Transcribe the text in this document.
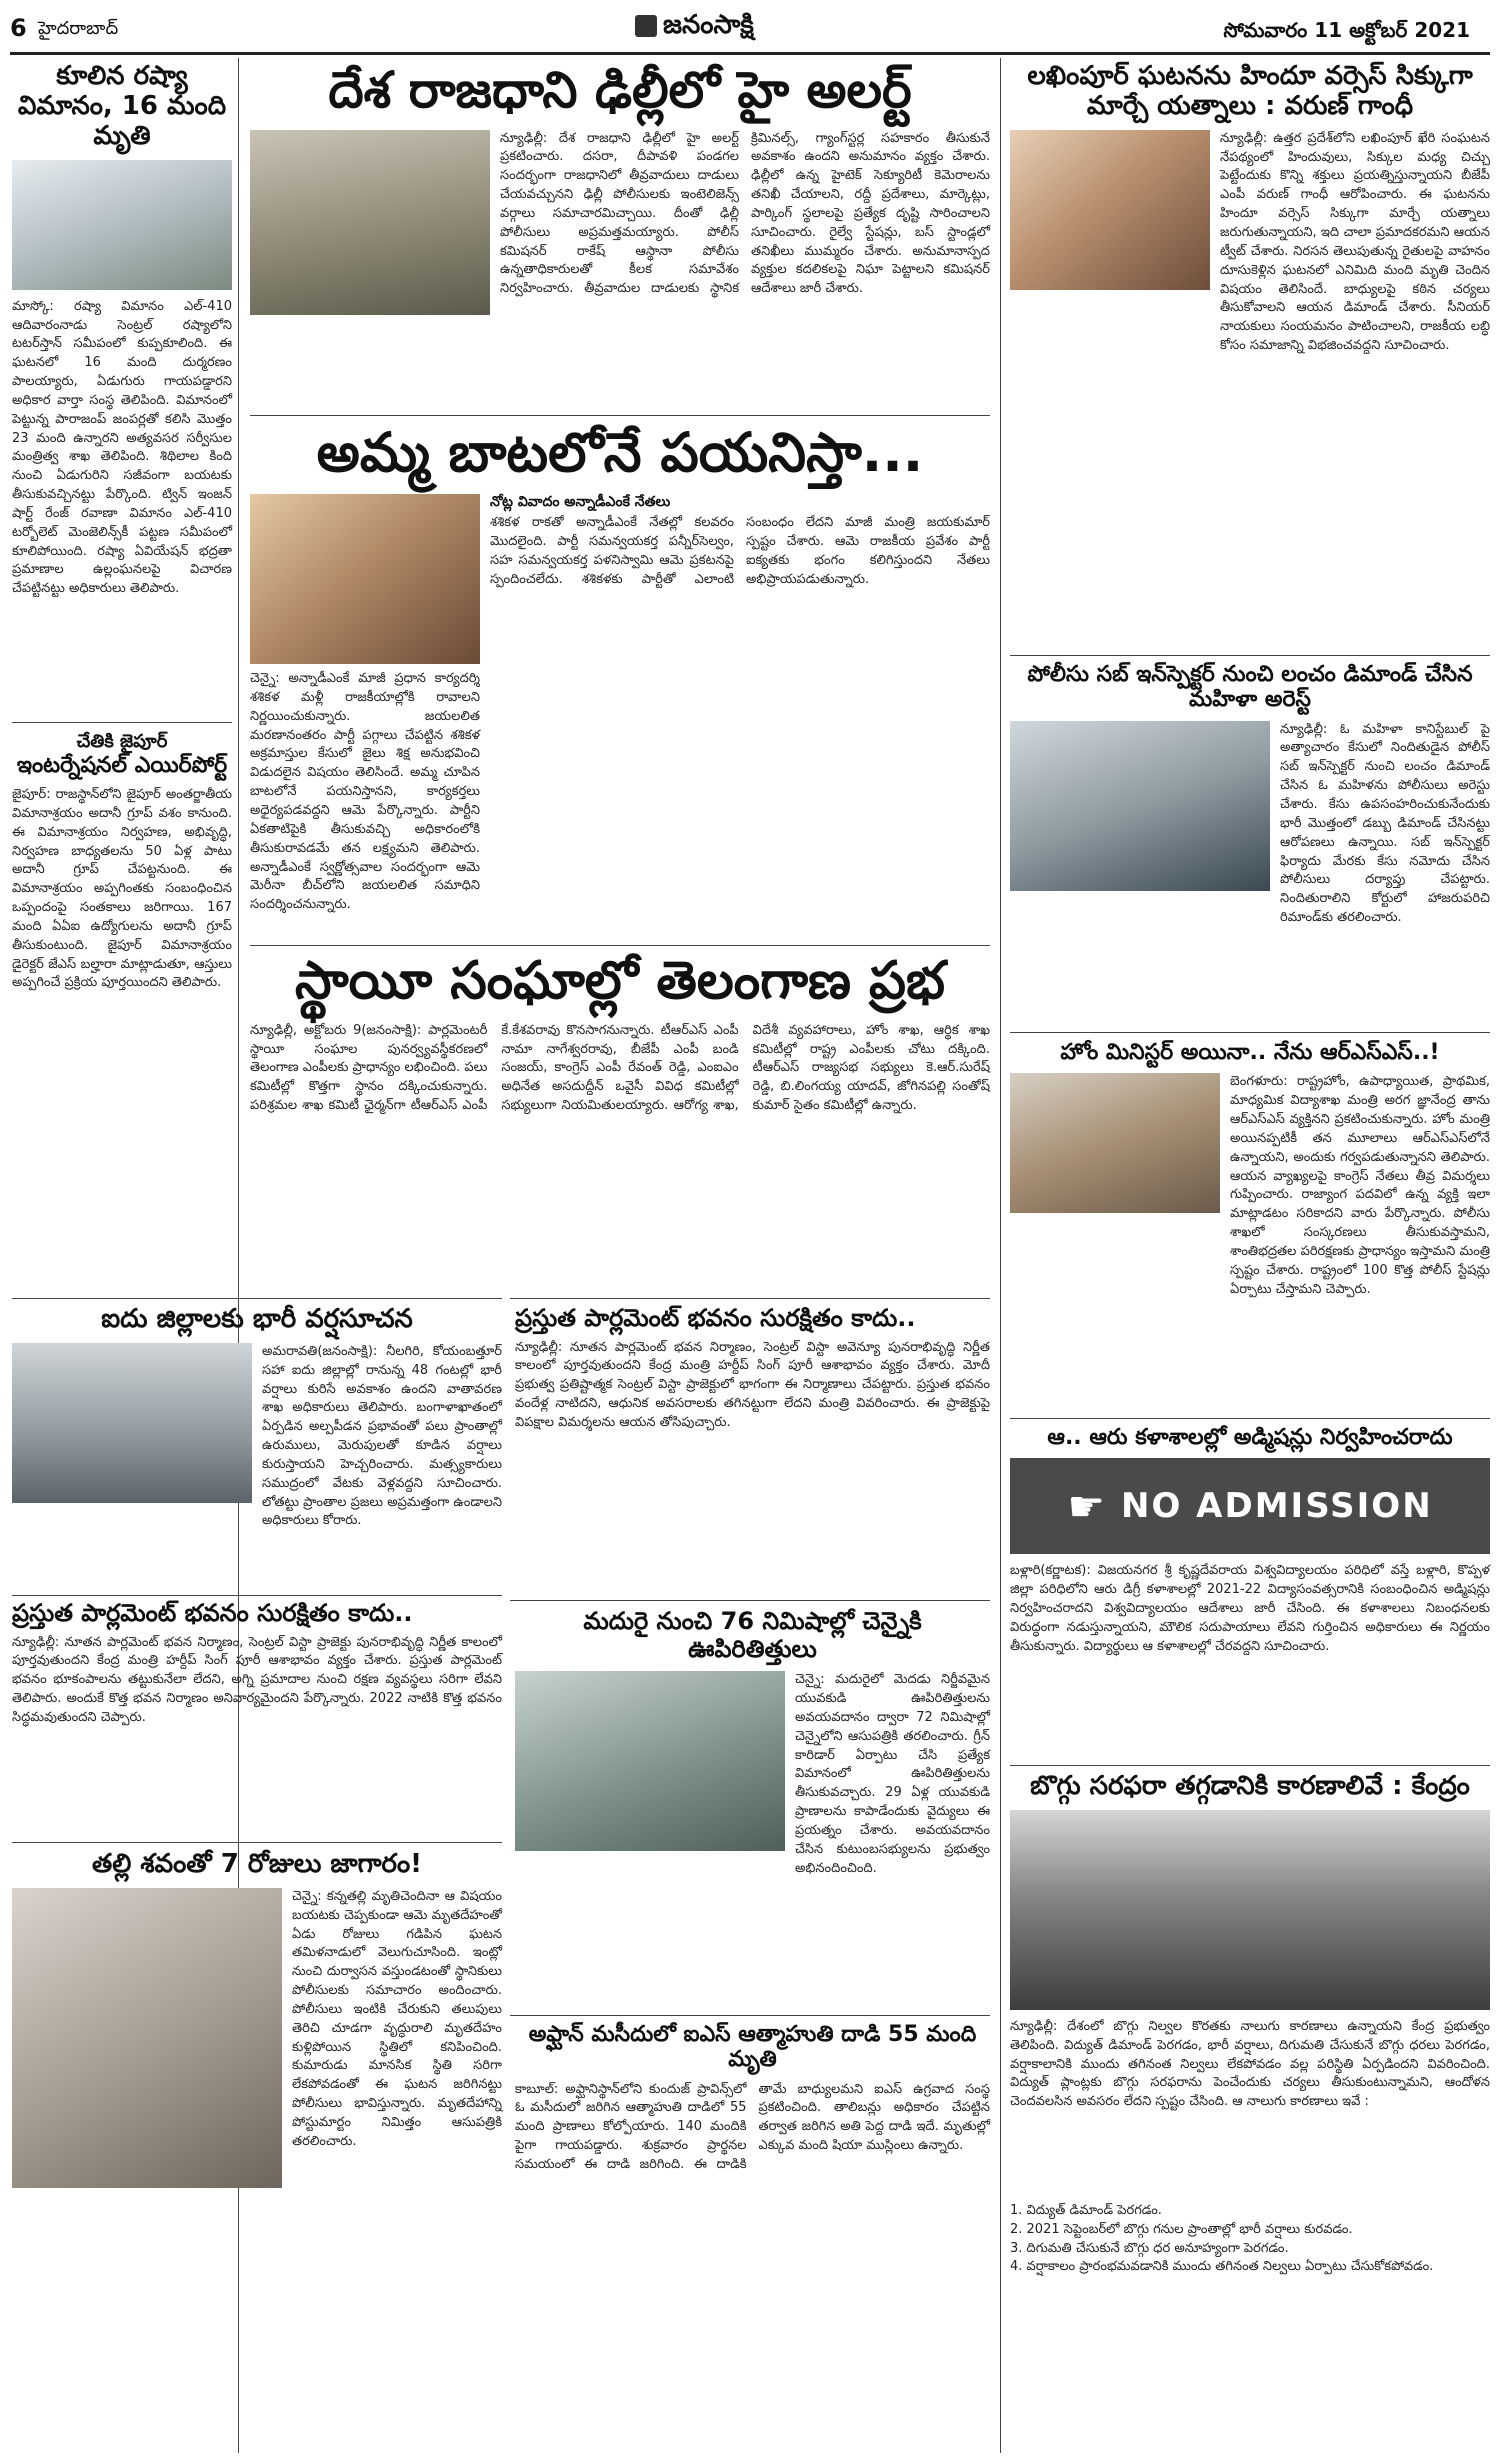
6 హైదరాబాద్	జనంసాక్షి	సోమవారం 11 అక్టోబర్ 2021
కూలిన రష్యా విమానం, 16 మంది మృతి
మాస్కో: రష్యా విమానం ఎల్‌-410 ఆదివారంనాడు సెంట్రల్ రష్యాలోని టటర్‌స్తాన్ సమీపంలో కుప్పకూలింది. ఈ ఘటనలో 16 మంది దుర్మరణం పాలయ్యారు, ఏడుగురు గాయపడ్డారని అధికార వార్తా సంస్థ తెలిపింది. విమానంలో పెట్టున్న పారాజంప్ జంపర్లతో కలిసి మొత్తం 23 మంది ఉన్నారని అత్యవసర సర్వీసుల మంత్రిత్వ శాఖ తెలిపింది. శిథిలాల కింది నుంచి ఏడుగురిని సజీవంగా బయటకు తీసుకువచ్చినట్టు పేర్కొంది. ట్విన్ ఇంజన్ షార్ట్ రేంజ్ రవాణా విమానం ఎల్‌-410 టర్బోలెట్ మెంజెలిన్స్‌కీ పట్టణ సమీపంలో కూలిపోయింది. రష్యా ఏవియేషన్ భద్రతా ప్రమాణాల ఉల్లంఘనలపై విచారణ చేపట్టినట్టు అధికారులు తెలిపారు.
చేతికి జైపూర్
ఇంటర్నేషనల్ ఎయిర్‌పోర్ట్
జైపూర్: రాజస్థాన్‌లోని జైపూర్ అంతర్జాతీయ విమానాశ్రయం అదానీ గ్రూప్ వశం కానుంది. ఈ విమానాశ్రయం నిర్వహణ, అభివృద్ధి, నిర్వహణ బాధ్యతలను 50 ఏళ్ల పాటు అదానీ గ్రూప్ చేపట్టనుంది. ఈ విమానాశ్రయం అప్పగింతకు సంబంధించిన ఒప్పందంపై సంతకాలు జరిగాయి. 167 మంది ఏఏఐ ఉద్యోగులను అదానీ గ్రూప్ తీసుకుంటుంది. జైపూర్ విమానాశ్రయం డైరెక్టర్ జేఎస్ బల్హారా మాట్లాడుతూ, ఆస్తులు అప్పగించే ప్రక్రియ పూర్తయిందని తెలిపారు.
ఐదు జిల్లాలకు భారీ వర్షసూచన
అమరావతి(జనంసాక్షి): నీలగిరి, కోయంబత్తూర్ సహా ఐదు జిల్లాల్లో రానున్న 48 గంటల్లో భారీ వర్షాలు కురిసే అవకాశం ఉందని వాతావరణ శాఖ అధికారులు తెలిపారు. బంగాళాఖాతంలో ఏర్పడిన అల్పపీడన ప్రభావంతో పలు ప్రాంతాల్లో ఉరుములు, మెరుపులతో కూడిన వర్షాలు కురుస్తాయని హెచ్చరించారు. మత్స్యకారులు సముద్రంలో వేటకు వెళ్లవద్దని సూచించారు. లోతట్టు ప్రాంతాల ప్రజలు అప్రమత్తంగా ఉండాలని అధికారులు కోరారు.
ప్రస్తుత పార్లమెంట్ భవనం సురక్షితం కాదు..
న్యూఢిల్లీ: నూతన పార్లమెంట్ భవన నిర్మాణం, సెంట్రల్ విస్టా ప్రాజెక్టు పునరాభివృద్ధి నిర్ణీత కాలంలో పూర్తవుతుందని కేంద్ర మంత్రి హర్దీప్ సింగ్ పూరీ ఆశాభావం వ్యక్తం చేశారు. ప్రస్తుత పార్లమెంట్ భవనం భూకంపాలను తట్టుకునేలా లేదని, అగ్ని ప్రమాదాల నుంచి రక్షణ వ్యవస్థలు సరిగా లేవని తెలిపారు. అందుకే కొత్త భవన నిర్మాణం అనివార్యమైందని పేర్కొన్నారు. 2022 నాటికి కొత్త భవనం సిద్ధమవుతుందని చెప్పారు.
తల్లి శవంతో 7 రోజులు జాగారం!
చెన్నై: కన్నతల్లి మృతిచెందినా ఆ విషయం బయటకు చెప్పకుండా ఆమె మృతదేహంతో ఏడు రోజులు గడిపిన ఘటన తమిళనాడులో వెలుగుచూసింది. ఇంట్లో నుంచి దుర్వాసన వస్తుండటంతో స్థానికులు పోలీసులకు సమాచారం అందించారు. పోలీసులు ఇంటికి చేరుకుని తలుపులు తెరిచి చూడగా వృద్ధురాలి మృతదేహం కుళ్లిపోయిన స్థితిలో కనిపించింది. కుమారుడు మానసిక స్థితి సరిగా లేకపోవడంతో ఈ ఘటన జరిగినట్టు పోలీసులు భావిస్తున్నారు. మృతదేహాన్ని పోస్టుమార్టం నిమిత్తం ఆసుపత్రికి తరలించారు.
దేశ రాజధాని ఢిల్లీలో హై అలర్ట్
న్యూఢిల్లీ: దేశ రాజధాని ఢిల్లీలో హై అలర్ట్ ప్రకటించారు. దసరా, దీపావళి పండగల సందర్భంగా రాజధానిలో తీవ్రవాదులు దాడులు చేయవచ్చునని ఢిల్లీ పోలీసులకు ఇంటెలిజెన్స్ వర్గాలు సమాచారమిచ్చాయి. దీంతో ఢిల్లీ పోలీసులు అప్రమత్తమయ్యారు. పోలీస్ కమిషనర్ రాకేష్ ఆస్థానా పోలీసు ఉన్నతాధికారులతో కీలక సమావేశం నిర్వహించారు. తీవ్రవాదుల దాడులకు స్థానిక క్రిమినల్స్, గ్యాంగ్‌స్టర్ల సహకారం తీసుకునే అవకాశం ఉందని అనుమానం వ్యక్తం చేశారు. ఢిల్లీలో ఉన్న హైటెక్ సెక్యూరిటీ కెమెరాలను తనిఖీ చేయాలని, రద్దీ ప్రదేశాలు, మార్కెట్లు, పార్కింగ్ స్థలాలపై ప్రత్యేక దృష్టి సారించాలని సూచించారు. రైల్వే స్టేషన్లు, బస్ స్టాండ్లలో తనిఖీలు ముమ్మరం చేశారు. అనుమానాస్పద వ్యక్తుల కదలికలపై నిఘా పెట్టాలని కమిషనర్ ఆదేశాలు జారీ చేశారు.
అమ్మ బాటలోనే పయనిస్తా...
చెన్నై: అన్నాడీఎంకే మాజీ ప్రధాన కార్యదర్శి శశికళ మళ్లీ రాజకీయాల్లోకి రావాలని నిర్ణయించుకున్నారు. జయలలిత మరణానంతరం పార్టీ పగ్గాలు చేపట్టిన శశికళ అక్రమాస్తుల కేసులో జైలు శిక్ష అనుభవించి విడుదలైన విషయం తెలిసిందే. అమ్మ చూపిన బాటలోనే పయనిస్తానని, కార్యకర్తలు అధైర్యపడవద్దని ఆమె పేర్కొన్నారు. పార్టీని ఏకతాటిపైకి తీసుకువచ్చి అధికారంలోకి తీసుకురావడమే తన లక్ష్యమని తెలిపారు. అన్నాడీఎంకే స్వర్ణోత్సవాల సందర్భంగా ఆమె మెరీనా బీచ్‌లోని జయలలిత సమాధిని సందర్శించనున్నారు.
నోట్ల వివాదం అన్నాడీఎంకే నేతలు
శశికళ రాకతో అన్నాడీఎంకే నేతల్లో కలవరం మొదలైంది. పార్టీ సమన్వయకర్త పన్నీర్‌సెల్వం, సహ సమన్వయకర్త పళనిస్వామి ఆమె ప్రకటనపై స్పందించలేదు. శశికళకు పార్టీతో ఎలాంటి సంబంధం లేదని మాజీ మంత్రి జయకుమార్ స్పష్టం చేశారు. ఆమె రాజకీయ ప్రవేశం పార్టీ ఐక్యతకు భంగం కలిగిస్తుందని నేతలు అభిప్రాయపడుతున్నారు.
స్థాయీ సంఘాల్లో తెలంగాణ ప్రభ
న్యూఢిల్లీ, అక్టోబరు 9(జనంసాక్షి): పార్లమెంటరీ స్థాయీ సంఘాల పునర్వ్యవస్థీకరణలో తెలంగాణ ఎంపీలకు ప్రాధాన్యం లభించింది. పలు కమిటీల్లో కొత్తగా స్థానం దక్కించుకున్నారు. పరిశ్రమల శాఖ కమిటీ ఛైర్మన్‌గా టీఆర్‌ఎస్ ఎంపీ కే.కేశవరావు కొనసాగనున్నారు. టీఆర్‌ఎస్ ఎంపీ నామా నాగేశ్వరరావు, బీజేపీ ఎంపీ బండి సంజయ్, కాంగ్రెస్ ఎంపీ రేవంత్ రెడ్డి, ఎంఐఎం అధినేత అసదుద్దీన్ ఒవైసీ వివిధ కమిటీల్లో సభ్యులుగా నియమితులయ్యారు. ఆరోగ్య శాఖ, విదేశీ వ్యవహారాలు, హోం శాఖ, ఆర్థిక శాఖ కమిటీల్లో రాష్ట్ర ఎంపీలకు చోటు దక్కింది. టీఆర్‌ఎస్ రాజ్యసభ సభ్యులు కె.ఆర్.సురేష్ రెడ్డి, బి.లింగయ్య యాదవ్, జోగినపల్లి సంతోష్ కుమార్ సైతం కమిటీల్లో ఉన్నారు.
ప్రస్తుత పార్లమెంట్ భవనం సురక్షితం కాదు..
న్యూఢిల్లీ: నూతన పార్లమెంట్ భవన నిర్మాణం, సెంట్రల్ విస్టా అవెన్యూ పునరాభివృద్ధి నిర్ణీత కాలంలో పూర్తవుతుందని కేంద్ర మంత్రి హర్దీప్ సింగ్ పూరీ ఆశాభావం వ్యక్తం చేశారు. మోదీ ప్రభుత్వ ప్రతిష్టాత్మక సెంట్రల్ విస్టా ప్రాజెక్టులో భాగంగా ఈ నిర్మాణాలు చేపట్టారు. ప్రస్తుత భవనం వందేళ్ల నాటిదని, ఆధునిక అవసరాలకు తగినట్టుగా లేదని మంత్రి వివరించారు. ఈ ప్రాజెక్టుపై విపక్షాల విమర్శలను ఆయన తోసిపుచ్చారు.
మదురై నుంచి 76 నిమిషాల్లో చెన్నైకి ఊపిరితిత్తులు
చెన్నై: మదురైలో మెదడు నిర్జీవమైన యువకుడి ఊపిరితిత్తులను అవయవదానం ద్వారా 72 నిమిషాల్లో చెన్నైలోని ఆసుపత్రికి తరలించారు. గ్రీన్ కారిడార్ ఏర్పాటు చేసి ప్రత్యేక విమానంలో ఊపిరితిత్తులను తీసుకువచ్చారు. 29 ఏళ్ల యువకుడి ప్రాణాలను కాపాడేందుకు వైద్యులు ఈ ప్రయత్నం చేశారు. అవయవదానం చేసిన కుటుంబసభ్యులను ప్రభుత్వం అభినందించింది.
అఫ్ఘాన్ మసీదులో ఐఎస్ ఆత్మాహుతి దాడి 55 మంది మృతి
కాబూల్: అఫ్ఘానిస్థాన్‌లోని కుందుజ్ ప్రావిన్స్‌లో ఓ మసీదులో జరిగిన ఆత్మాహుతి దాడిలో 55 మంది ప్రాణాలు కోల్పోయారు. 140 మందికి పైగా గాయపడ్డారు. శుక్రవారం ప్రార్థనల సమయంలో ఈ దాడి జరిగింది. ఈ దాడికి తామే బాధ్యులమని ఐఎస్ ఉగ్రవాద సంస్థ ప్రకటించింది. తాలిబన్లు అధికారం చేపట్టిన తర్వాత జరిగిన అతి పెద్ద దాడి ఇదే. మృతుల్లో ఎక్కువ మంది షియా ముస్లింలు ఉన్నారు.
లఖింపూర్ ఘటనను హిందూ వర్సెస్ సిక్కుగా మార్చే యత్నాలు : వరుణ్ గాంధీ
న్యూఢిల్లీ: ఉత్తర ప్రదేశ్‌లోని లఖింపూర్ ఖేరి సంఘటన నేపథ్యంలో హిందువులు, సిక్కుల మధ్య చిచ్చు పెట్టేందుకు కొన్ని శక్తులు ప్రయత్నిస్తున్నాయని బీజేపీ ఎంపీ వరుణ్ గాంధీ ఆరోపించారు. ఈ ఘటనను హిందూ వర్సెస్ సిక్కుగా మార్చే యత్నాలు జరుగుతున్నాయని, ఇది చాలా ప్రమాదకరమని ఆయన ట్వీట్ చేశారు. నిరసన తెలుపుతున్న రైతులపై వాహనం దూసుకెళ్లిన ఘటనలో ఎనిమిది మంది మృతి చెందిన విషయం తెలిసిందే. బాధ్యులపై కఠిన చర్యలు తీసుకోవాలని ఆయన డిమాండ్ చేశారు. సీనియర్ నాయకులు సంయమనం పాటించాలని, రాజకీయ లబ్ధి కోసం సమాజాన్ని విభజించవద్దని సూచించారు.
పోలీసు సబ్ ఇన్‌స్పెక్టర్ నుంచి లంచం డిమాండ్ చేసిన మహిళా అరెస్ట్
న్యూఢిల్లీ: ఓ మహిళా కానిస్టేబుల్ పై అత్యాచారం కేసులో నిందితుడైన పోలీస్ సబ్ ఇన్‌స్పెక్టర్ నుంచి లంచం డిమాండ్ చేసిన ఓ మహిళను పోలీసులు అరెస్టు చేశారు. కేసు ఉపసంహరించుకునేందుకు భారీ మొత్తంలో డబ్బు డిమాండ్ చేసినట్టు ఆరోపణలు ఉన్నాయి. సబ్ ఇన్‌స్పెక్టర్ ఫిర్యాదు మేరకు కేసు నమోదు చేసిన పోలీసులు దర్యాప్తు చేపట్టారు. నిందితురాలిని కోర్టులో హాజరుపరిచి రిమాండ్‌కు తరలించారు.
హోం మినిస్టర్ అయినా.. నేను ఆర్‌ఎస్‌ఎస్‌..!
బెంగళూరు: రాష్ట్రహోం, ఉపాధ్యాయిత, ప్రాథమిక, మాధ్యమిక విద్యాశాఖ మంత్రి అరగ జ్ఞానేంద్ర తాను ఆర్‌ఎస్‌ఎస్ వ్యక్తినని ప్రకటించుకున్నారు. హోం మంత్రి అయినప్పటికీ తన మూలాలు ఆర్‌ఎస్‌ఎస్‌లోనే ఉన్నాయని, అందుకు గర్వపడుతున్నానని తెలిపారు. ఆయన వ్యాఖ్యలపై కాంగ్రెస్ నేతలు తీవ్ర విమర్శలు గుప్పించారు. రాజ్యాంగ పదవిలో ఉన్న వ్యక్తి ఇలా మాట్లాడటం సరికాదని వారు పేర్కొన్నారు. పోలీసు శాఖలో సంస్కరణలు తీసుకువస్తామని, శాంతిభద్రతల పరిరక్షణకు ప్రాధాన్యం ఇస్తామని మంత్రి స్పష్టం చేశారు. రాష్ట్రంలో 100 కొత్త పోలీస్ స్టేషన్లు ఏర్పాటు చేస్తామని చెప్పారు.
ఆ.. ఆరు కళాశాలల్లో అడ్మిషన్లు నిర్వహించరాదు
☛ NO ADMISSION
బళ్లారి(కర్ణాటక): విజయనగర శ్రీ కృష్ణదేవరాయ విశ్వవిద్యాలయం పరిధిలో వస్తే బళ్లారి, కొప్పళ జిల్లా పరిధిలోని ఆరు డిగ్రీ కళాశాలల్లో 2021-22 విద్యాసంవత్సరానికి సంబంధించిన అడ్మిషన్లు నిర్వహించరాదని విశ్వవిద్యాలయం ఆదేశాలు జారీ చేసింది. ఈ కళాశాలలు నిబంధనలకు విరుద్ధంగా నడుస్తున్నాయని, మౌలిక సదుపాయాలు లేవని గుర్తించిన అధికారులు ఈ నిర్ణయం తీసుకున్నారు. విద్యార్థులు ఆ కళాశాలల్లో చేరవద్దని సూచించారు.
బొగ్గు సరఫరా తగ్గడానికి కారణాలివే : కేంద్రం
న్యూఢిల్లీ: దేశంలో బొగ్గు నిల్వల కొరతకు నాలుగు కారణాలు ఉన్నాయని కేంద్ర ప్రభుత్వం తెలిపింది. విద్యుత్ డిమాండ్ పెరగడం, భారీ వర్షాలు, దిగుమతి చేసుకునే బొగ్గు ధరలు పెరగడం, వర్షాకాలానికి ముందు తగినంత నిల్వలు లేకపోవడం వల్ల పరిస్థితి ఏర్పడిందని వివరించింది. విద్యుత్ ప్లాంట్లకు బొగ్గు సరఫరాను పెంచేందుకు చర్యలు తీసుకుంటున్నామని, ఆందోళన చెందవలసిన అవసరం లేదని స్పష్టం చేసింది. ఆ నాలుగు కారణాలు ఇవే :
1. విద్యుత్ డిమాండ్ పెరగడం.
2. 2021 సెప్టెంబర్‌లో బొగ్గు గనుల ప్రాంతాల్లో భారీ వర్షాలు కురవడం.
3. దిగుమతి చేసుకునే బొగ్గు ధర అనూహ్యంగా పెరగడం.
4. వర్షాకాలం ప్రారంభమవడానికి ముందు తగినంత నిల్వలు ఏర్పాటు చేసుకోకపోవడం.
